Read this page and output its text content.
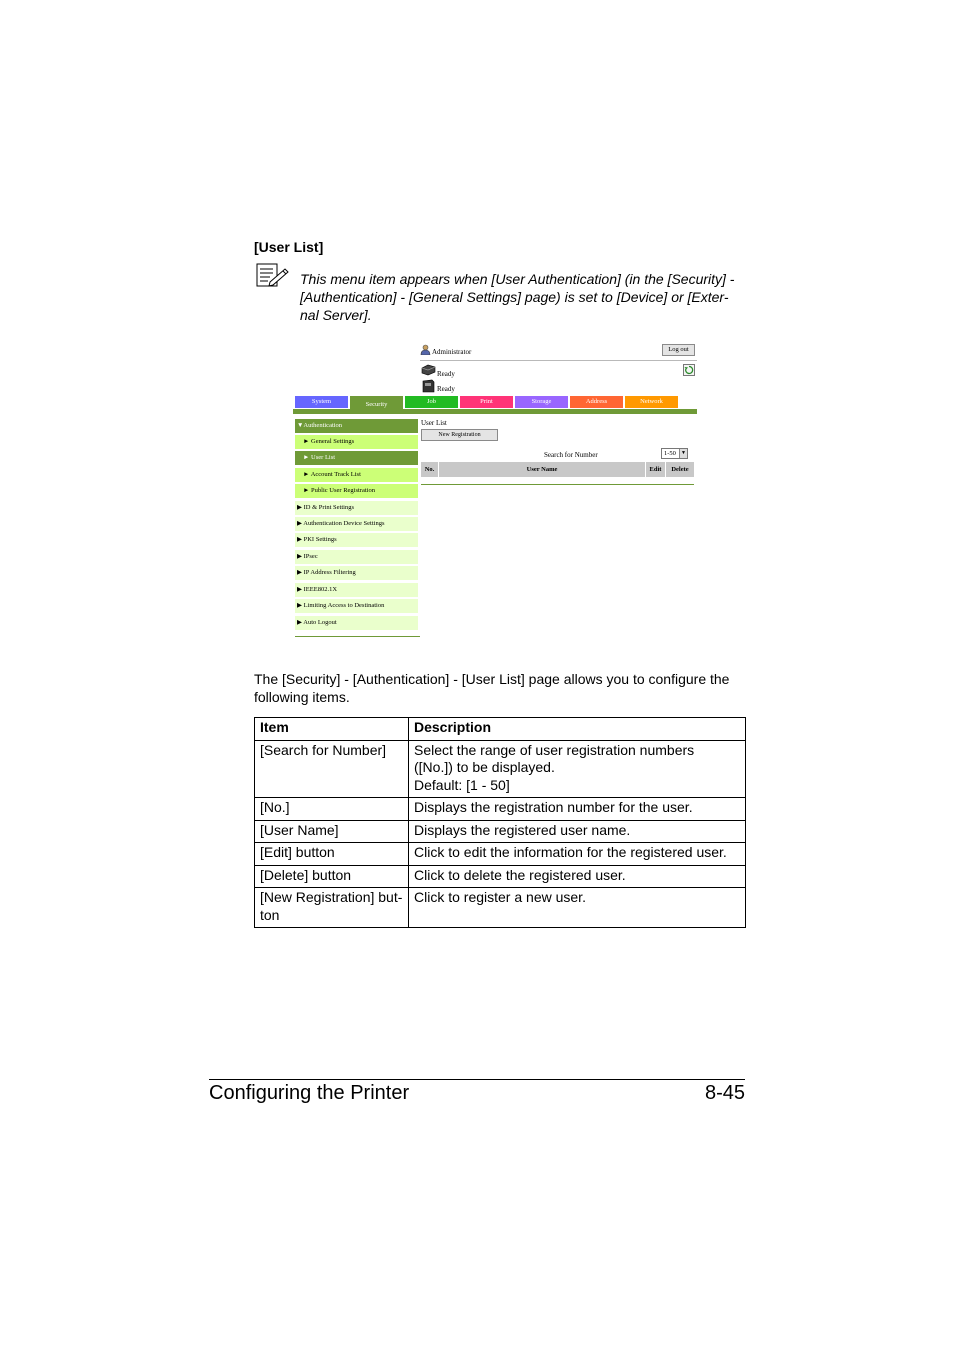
[User List]
This menu item appears when [User Authentication] (in the [Security] -
[Authentication] - [General Settings] page) is set to [Device] or [Exter-
nal Server].
Administrator	Log out
Ready
Ready
System	Security	Job	Print	Storage	Address	Network
▼Authentication
► General Settings
► User List
► Account Track List
► Public User Registration
▶ ID & Print Settings
▶ Authentication Device Settings
▶ PKI Settings
▶ IPsec
▶ IP Address Filtering
▶ IEEE802.1X
▶ Limiting Access to Destination
▶ Auto Logout
User List
New Registration
Search for Number	1-50	▼
No.	User Name	Edit	Delete
The [Security] - [Authentication] - [User List] page allows you to configure the
following items.
Item	Description

[Search for Number]	Select the range of user registration numbers
([No.]) to be displayed.
Default: [1 - 50]

[No.]	Displays the registration number for the user.

[User Name]	Displays the registered user name.

[Edit] button	Click to edit the information for the registered user.

[Delete] button	Click to delete the registered user.

[New Registration] but-
ton	Click to register a new user.
Configuring the Printer	8-45
